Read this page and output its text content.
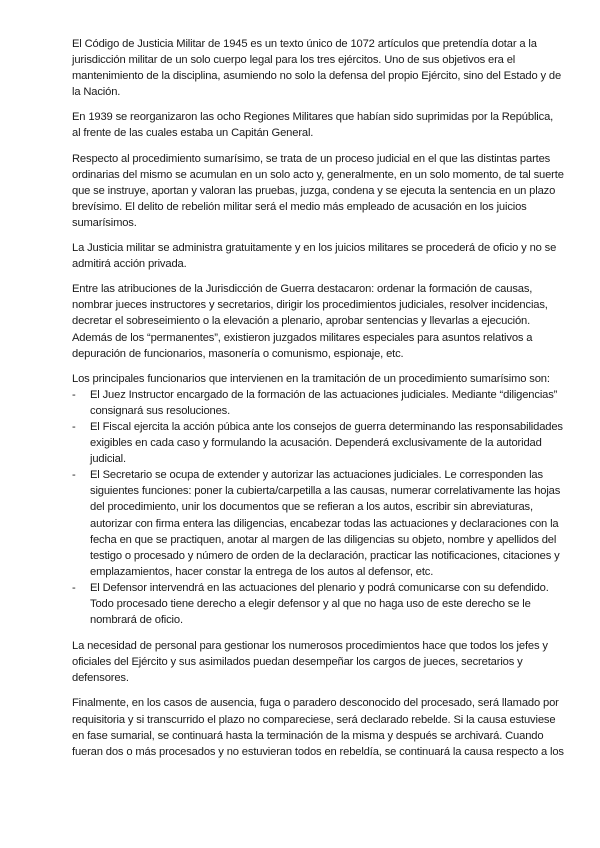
El Código de Justicia Militar de 1945 es un texto único de 1072 artículos que pretendía dotar a la jurisdicción militar de un solo cuerpo legal para los tres ejércitos. Uno de sus objetivos era el mantenimiento de la disciplina, asumiendo no solo la defensa del propio Ejército, sino del Estado y de la Nación.

En 1939 se reorganizaron las ocho Regiones Militares que habían sido suprimidas por la República, al frente de las cuales estaba un Capitán General.

Respecto al procedimiento sumarísimo, se trata de un proceso judicial en el que las distintas partes ordinarias del mismo se acumulan en un solo acto y, generalmente, en un solo momento, de tal suerte que se instruye, aportan y valoran las pruebas, juzga, condena y se ejecuta la sentencia en un plazo brevísimo. El delito de rebelión militar será el medio más empleado de acusación en los juicios sumarísimos.

La Justicia militar se administra gratuitamente y en los juicios militares se procederá de oficio y no se admitirá acción privada.

Entre las atribuciones de la Jurisdicción de Guerra destacaron: ordenar la formación de causas, nombrar jueces instructores y secretarios, dirigir los procedimientos judiciales, resolver incidencias, decretar el sobreseimiento o la elevación a plenario, aprobar sentencias y llevarlas a ejecución. Además de los “permanentes”, existieron juzgados militares especiales para asuntos relativos a depuración de funcionarios, masonería o comunismo, espionaje, etc.

Los principales funcionarios que intervienen en la tramitación de un procedimiento sumarísimo son:

- El Juez Instructor encargado de la formación de las actuaciones judiciales. Mediante “diligencias” consignará sus resoluciones.
- El Fiscal ejercita la acción púbica ante los consejos de guerra determinando las responsabilidades exigibles en cada caso y formulando la acusación. Dependerá exclusivamente de la autoridad judicial.
- El Secretario se ocupa de extender y autorizar las actuaciones judiciales. Le corresponden las siguientes funciones: poner la cubierta/carpetilla a las causas, numerar correlativamente las hojas del procedimiento, unir los documentos que se refieran a los autos, escribir sin abreviaturas, autorizar con firma entera las diligencias, encabezar todas las actuaciones y declaraciones con la fecha en que se practiquen, anotar al margen de las diligencias su objeto, nombre y apellidos del testigo o procesado y número de orden de la declaración, practicar las notificaciones, citaciones y emplazamientos, hacer constar la entrega de los autos al defensor, etc.
- El Defensor intervendrá en las actuaciones del plenario y podrá comunicarse con su defendido. Todo procesado tiene derecho a elegir defensor y al que no haga uso de este derecho se le nombrará de oficio.

La necesidad de personal para gestionar los numerosos procedimientos hace que todos los jefes y oficiales del Ejército y sus asimilados puedan desempeñar los cargos de jueces, secretarios y defensores.

Finalmente, en los casos de ausencia, fuga o paradero desconocido del procesado, será llamado por requisitoria y si transcurrido el plazo no compareciese, será declarado rebelde. Si la causa estuviese en fase sumarial, se continuará hasta la terminación de la misma y después se archivará. Cuando fueran dos o más procesados y no estuvieran todos en rebeldía, se continuará la causa respecto a los
